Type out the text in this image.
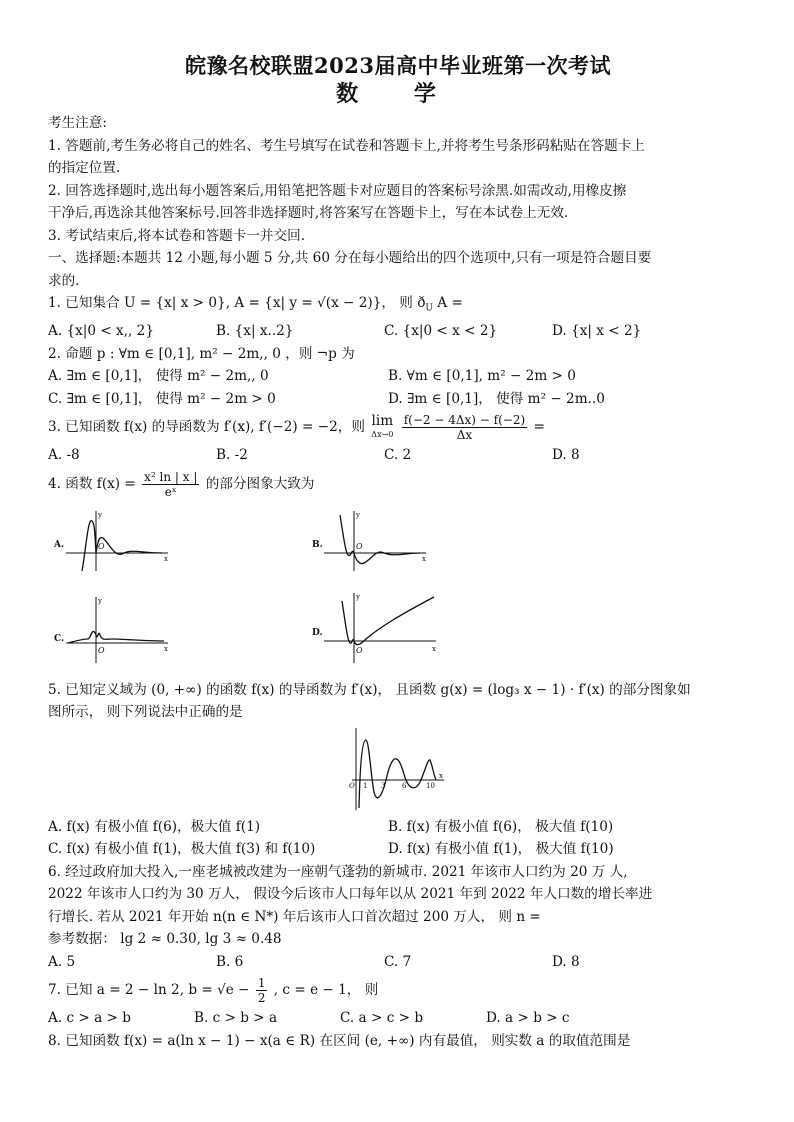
皖豫名校联盟2023届高中毕业班第一次考试
数 学
考生注意:
1. 答题前,考生务必将自己的姓名、考生号填写在试卷和答题卡上,并将考生号条形码粘贴在答题卡上
的指定位置.
2. 回答选择题时,选出每小题答案后,用铅笔把答题卡对应题目的答案标号涂黑.如需改动,用橡皮擦
干净后,再选涂其他答案标号.回答非选择题时,将答案写在答题卡上，写在本试卷上无效.
3. 考试结束后,将本试卷和答题卡一并交回.
一、选择题:本题共 12 小题,每小题 5 分,共 60 分在每小题给出的四个选项中,只有一项是符合题目要
求的.
1. 已知集合 U = {x| x > 0}, A = {x| y = √(x − 2)}， 则 $ð_U$ A =
A. {x|0 < x,, 2}	B. {x| x..2}	C. {x|0 < x < 2}	D. {x| x < 2}
2. 命题 p : ∀m ∈ [0,1], m² − 2m,, 0 ，则 ¬p 为
A. ∃m ∈ [0,1]， 使得 m² − 2m,, 0	B. ∀m ∈ [0,1], m² − 2m > 0
C. ∃m ∈ [0,1]， 使得 m² − 2m > 0	D. ∃m ∈ [0,1]， 使得 m² − 2m..0
3. 已知函数 f(x) 的导函数为 f′(x), f′(−2) = −2，则 lim
Δx→0
$\frac{f(-2 - 4\Delta x) - f(-2)}{\Delta x}$ =
A. -8	B. -2	C. 2	D. 8
4. 函数 $f(x) = \frac{\text{x² ln | x |}}{\text{eˣ}}$ 的部分图象大致为
A.
y
O
x
B.
y
O
x
C.
y
O	x
D.
y
O	x
5. 已知定义域为 (0, +∞) 的函数 f(x) 的导函数为 f′(x)， 且函数 g(x) = (log₃ x − 1) · f′(x) 的部分图象如
图所示， 则下列说法中正确的是
O 1 3 6	10
x
A. f(x) 有极小值 f(6)，极大值 f(1)	B. f(x) 有极小值 f(6)， 极大值 f(10)
C. f(x) 有极小值 f(1)，极大值 f(3) 和 f(10)	D. f(x) 有极小值 f(1)， 极大值 f(10)
6. 经过政府加大投入,一座老城被改建为一座朝气蓬勃的新城市. 2021 年该市人口约为 20 万 人,
2022 年该市人口约为 30 万人， 假设今后该市人口每年以从 2021 年到 2022 年人口数的增长率进
行增长. 若从 2021 年开始 n(n ∈ N*) 年后该市人口首次超过 200 万人， 则 n =
参考数据： lg 2 ≈ 0.30, lg 3 ≈ 0.48
A. 5	B. 6	C. 7	D. 8
7. 已知 a = 2 − ln 2, $b = √e - \frac{1}{2}$ , c = e − 1， 则
A. c > a > b	B. c > b > a	C. a > c > b	D. a > b > c
8. 已知函数 f(x) = a(ln x − 1) − x(a ∈ R) 在区间 (e, +∞) 内有最值， 则实数 a 的取值范围是
